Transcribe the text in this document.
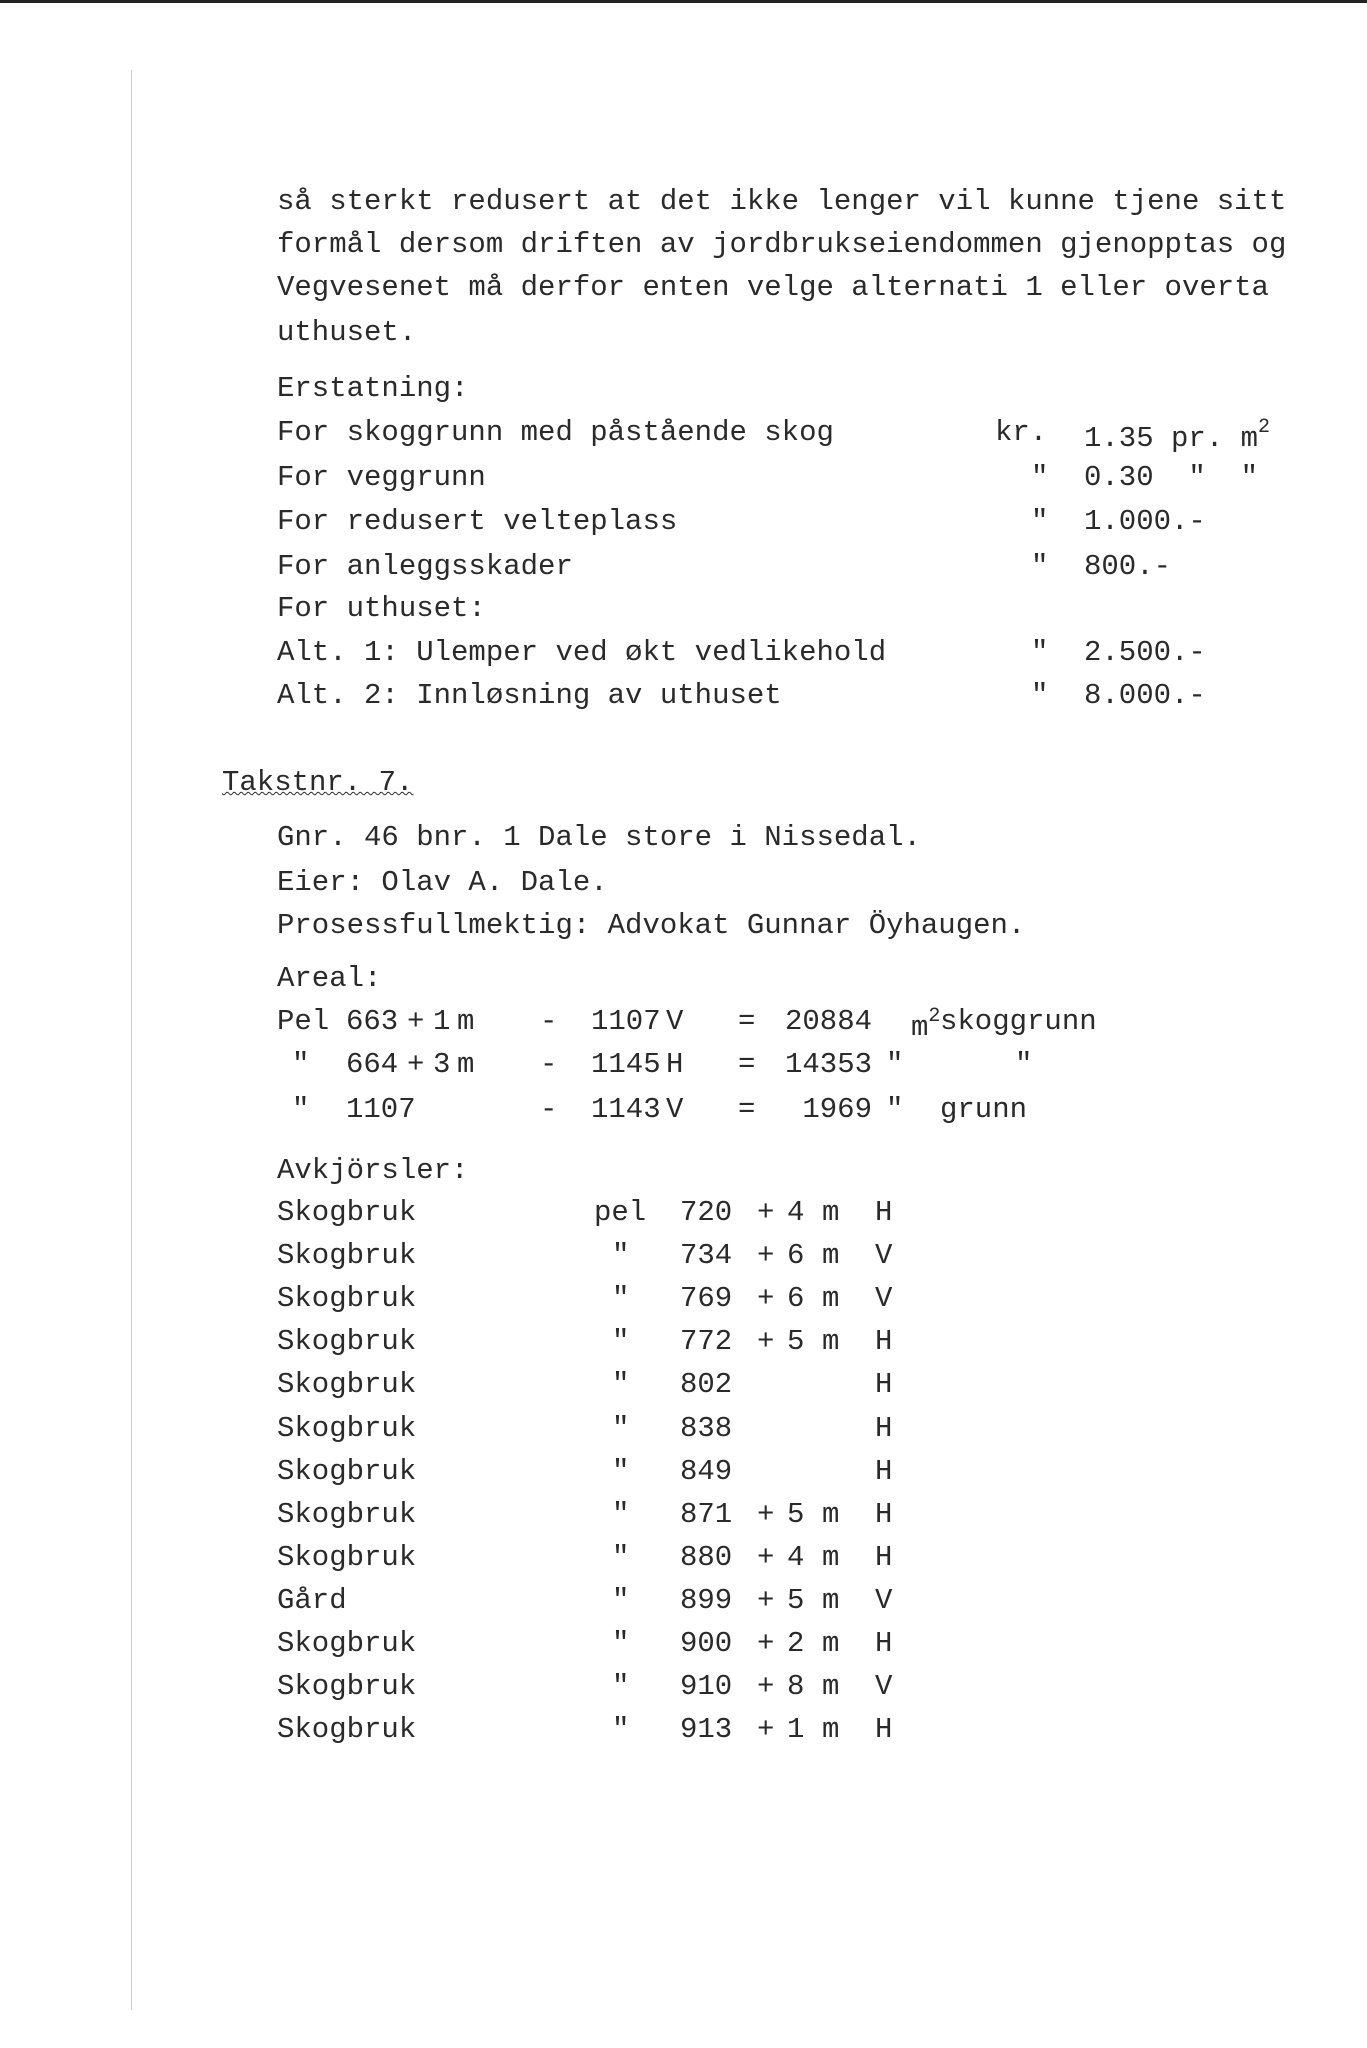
så sterkt redusert at det ikke lenger vil kunne tjene sitt
formål dersom driften av jordbrukseiendommen gjenopptas og
Vegvesenet må derfor enten velge alternati 1 eller overta
uthuset.
Erstatning:
For skoggrunn med påstående skog	kr. 1.35 pr. $m^2$
For veggrunn	" 0.30  "  "
For redusert velteplass	" 1.000.-
For anleggsskader	" 800.-
For uthuset:
Alt. 1: Ulemper ved økt vedlikehold	" 2.500.-
Alt. 2: Innløsning av uthuset	" 8.000.-
Takstnr. 7.
Gnr. 46 bnr. 1 Dale store i Nissedal.
Eier: Olav A. Dale.
Prosessfullmektig: Advokat Gunnar Öyhaugen.
Areal:
Pel 663 + 1 m - 1107 V = 20884 $m^2$ skoggrunn
" 664 + 3 m - 1145 H = 14353 "	"
" 1107	- 1143 V = 1969 " grunn
Avkjörsler:
Skogbruk	pel 720 + 4 m H
Skogbruk	" 734 + 6 m V
Skogbruk	" 769 + 6 m V
Skogbruk	" 772 + 5 m H
Skogbruk	" 802	H
Skogbruk	" 838	H
Skogbruk	" 849	H
Skogbruk	" 871 + 5 m H
Skogbruk	" 880 + 4 m H
Gård	" 899 + 5 m V
Skogbruk	" 900 + 2 m H
Skogbruk	" 910 + 8 m V
Skogbruk	" 913 + 1 m H
